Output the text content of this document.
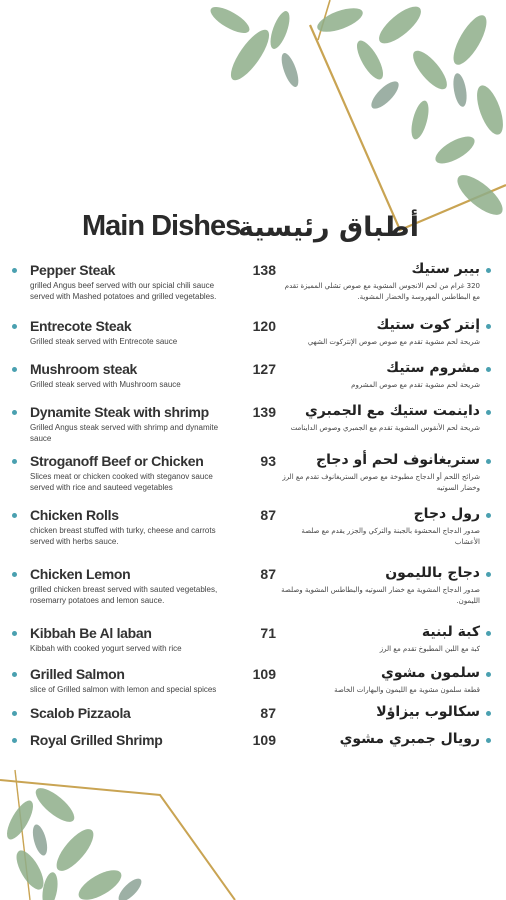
Main Dishes
أطباق رئيسية
Pepper Steak
grilled Angus beef served with our spicial chili sauce served with Mashed potatoes and grilled vegetables.
138	بيبر ستيك
320 غرام من لحم الانجوس المشوية مع صوص تشلي المميزة تقدم مع البطاطس المهروسة والخضار المشوية.
Entrecote Steak
Grilled steak served with Entrecote sauce
120	إنتر كوت ستيك
شريحة لحم مشوية تقدم مع صوص صوص الإنتركوت الشهي
Mushroom steak
Grilled steak served with Mushroom sauce
127	مشروم ستيك
شريحة لحم مشوية تقدم مع صوص المشروم
Dynamite Steak with shrimp
Grilled Angus steak served with shrimp and dynamite sauce
139 داينمت ستيك مع الجمبري
شريحة لحم الأنقوس المشوية تقدم مع الجمبري وصوص الداينامت
Stroganoff Beef or Chicken
Slices meat or chicken cooked with steganov sauce served with rice and sauteed vegetables
93	ستريغانوف لحم أو دجاج
شرائح اللحم أو الدجاج مطبوخة مع صوص الستريغانوف تقدم مع الرز وخضار السوتيه
Chicken Rolls
chicken breast stuffed with turky, cheese and carrots served with herbs sauce.
87	رول دجاج
صدور الدجاج المحشوة بالجبنة والتركي والجزر يقدم مع صلصة الأعشاب
Chicken Lemon
grilled chicken breast served with sauted vegetables, rosemarry potatoes and lemon sauce.
87	دجاج بالليمون
صدور الدجاج المشوية مع خضار السوتيه والبطاطس المشوية وصلصة الليمون.
Kibbah Be Al laban
Kibbah with cooked yogurt served with rice
71	كبة لبنية
كبة مع اللبن المطبوخ تقدم مع الرز
Grilled Salmon
slice of Grilled salmon with lemon and special spices
109	سلمون مشوي
قطعة سلمون مشوية مع الليمون والبهارات الخاصة
Scalob Pizzaola	87	سكالوب بيزاؤلا
Royal Grilled Shrimp	109	رويال جمبري مشوي
